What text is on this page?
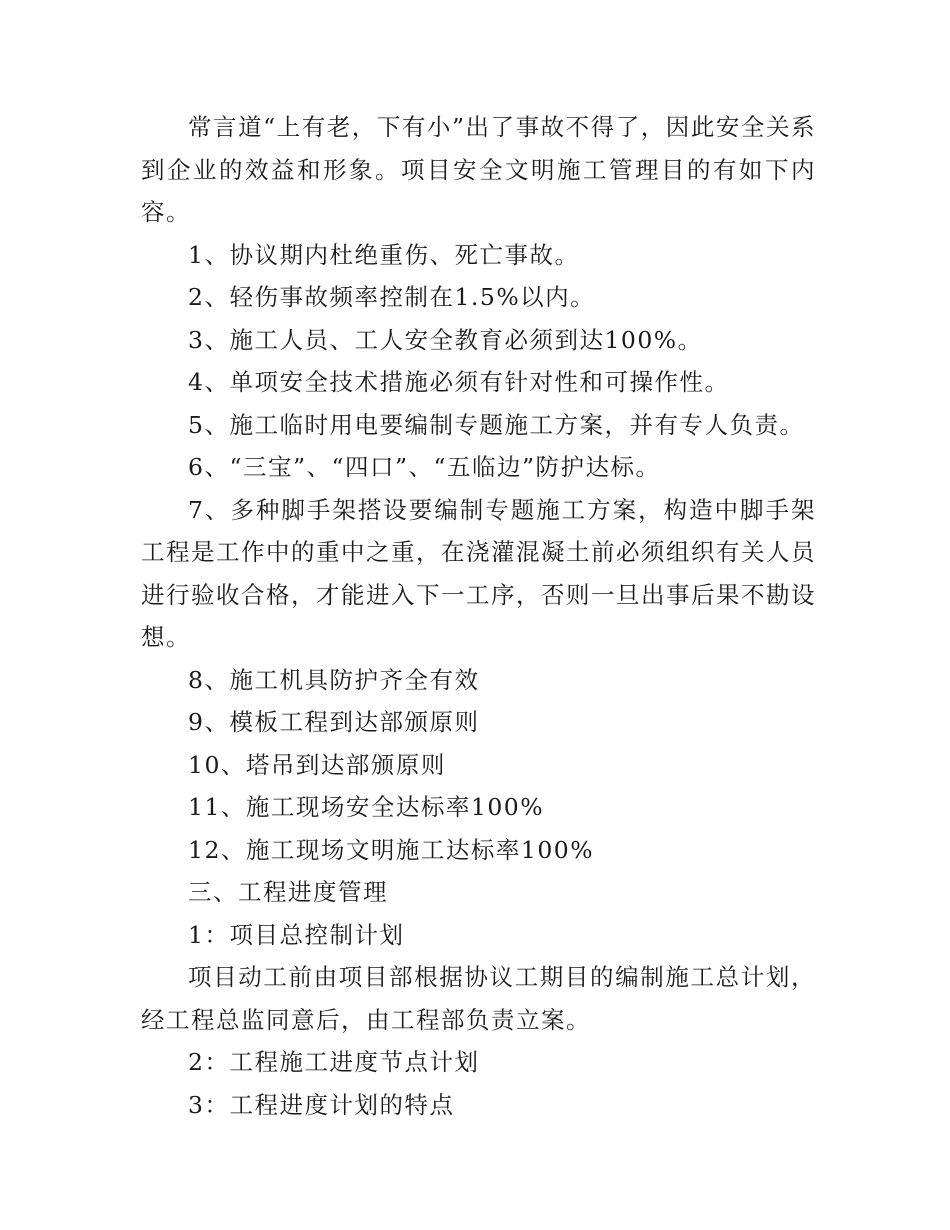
常言道“上有老，下有小”出了事故不得了，因此安全关系到企业的效益和形象。项目安全文明施工管理目的有如下内容。

1、协议期内杜绝重伤、死亡事故。

2、轻伤事故频率控制在1.5%以内。

3、施工人员、工人安全教育必须到达100%。

4、单项安全技术措施必须有针对性和可操作性。

5、施工临时用电要编制专题施工方案，并有专人负责。

6、“三宝”、“四口”、“五临边”防护达标。

7、多种脚手架搭设要编制专题施工方案，构造中脚手架工程是工作中的重中之重，在浇灌混凝土前必须组织有关人员进行验收合格，才能进入下一工序，否则一旦出事后果不勘设想。

8、施工机具防护齐全有效

9、模板工程到达部颁原则

10、塔吊到达部颁原则

11、施工现场安全达标率100%

12、施工现场文明施工达标率100%

三、工程进度管理

1：项目总控制计划

项目动工前由项目部根据协议工期目的编制施工总计划，经工程总监同意后，由工程部负责立案。

2：工程施工进度节点计划

3：工程进度计划的特点
